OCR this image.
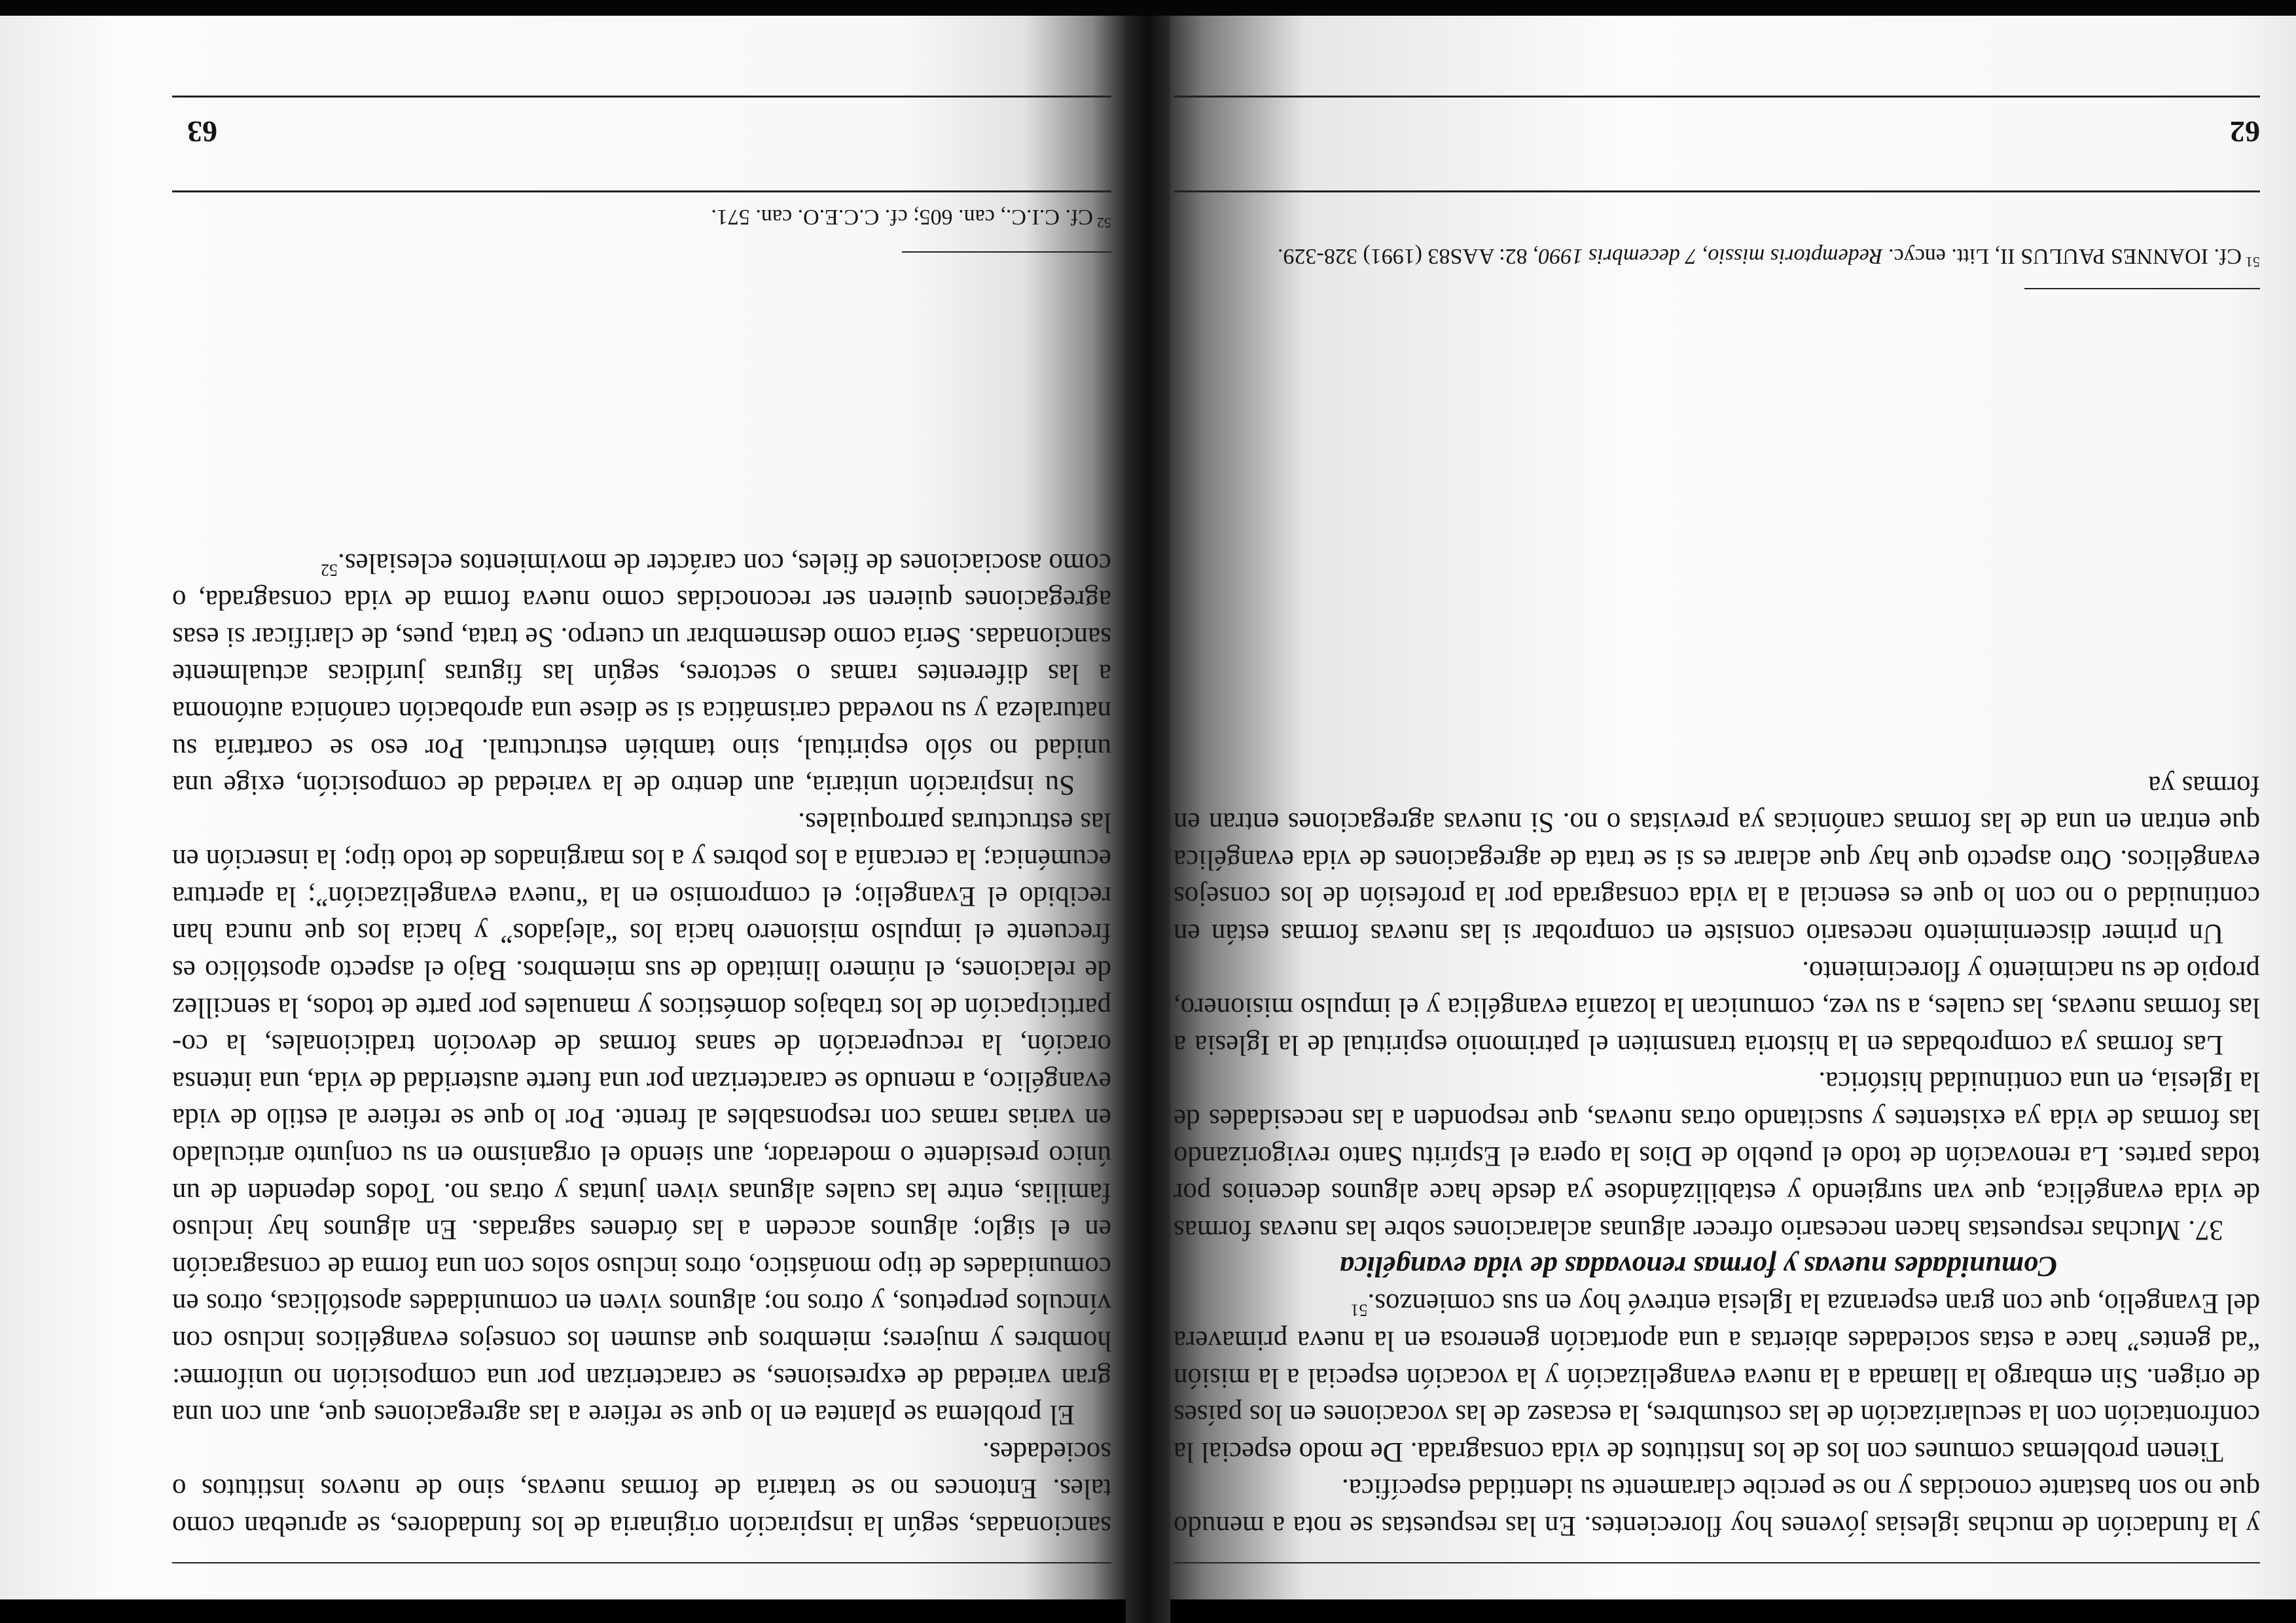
y la fundación de muchas iglesias jóvenes hoy florecientes. En las respuestas se nota a menudo que no son bastante conocidas y no se percibe claramente su identidad específica.

Tienen problemas comunes con los de los Institutos de vida consagrada. De modo especial la confrontación con la secularización de las costumbres, la escasez de las vocaciones en los países de origen. Sin embargo la llamada a la nueva evangelización y la vocación especial a la misión “ad gentes” hace a estas sociedades abiertas a una aportación generosa en la nueva primavera del Evangelio, que con gran esperanza la Iglesia entrevé hoy en sus comienzos.$^{51}$

Comunidades nuevas y formas renovadas de vida evangélica

37. Muchas respuestas hacen necesario ofrecer algunas aclaraciones sobre las nuevas formas de vida evangélica, que van surgiendo y estabilizándose ya desde hace algunos decenios por todas partes. La renovación de todo el pueblo de Dios la opera el Espíritu Santo revigorizando las formas de vida ya existentes y suscitando otras nuevas, que responden a las necesidades de la Iglesia, en una continuidad histórica.

Las formas ya comprobadas en la historia transmiten el patrimonio espiritual de la Iglesia a las formas nuevas, las cuales, a su vez, comunican la lozanía evangélica y el impulso misionero, propio de su nacimiento y florecimiento.

Un primer discernimiento necesario consiste en comprobar si las nuevas formas están en continuidad o no con lo que es esencial a la vida consagrada por la profesión de los consejos evangélicos. Otro aspecto que hay que aclarar es si se trata de agregaciones de vida evangélica que entran en una de las formas canónicas ya previstas o no. Si nuevas agregaciones entran en formas ya

$^{51}$Cf. IOANNES PAULUS II, Litt. encyc. Redemptoris missio, 7 decembris 1990, 82: AAS83 (1991) 328-329.
62

sancionadas, según la inspiración originaria de los fundadores, se aprueban como tales. Entonces no se trataría de formas nuevas, sino de nuevos institutos o sociedades.

El problema se plantea en lo que se refiere a las agregaciones que, aun con una gran variedad de expresiones, se caracterizan por una composición no uniforme: hombres y mujeres; miembros que asumen los consejos evangélicos incluso con vínculos perpetuos, y otros no; algunos viven en comunidades apostólicas, otros en comunidades de tipo monástico, otros incluso solos con una forma de consagración en el siglo; algunos acceden a las órdenes sagradas. En algunos hay incluso familias, entre las cuales algunas viven juntas y otras no. Todos dependen de un único presidente o moderador, aun siendo el organismo en su conjunto articulado en varias ramas con responsables al frente. Por lo que se refiere al estilo de vida evangélico, a menudo se caracterizan por una fuerte austeridad de vida, una intensa oración, la recuperación de sanas formas de devoción tradicionales, la co-participación de los trabajos domésticos y manuales por parte de todos, la sencillez de relaciones, el número limitado de sus miembros. Bajo el aspecto apostólico es frecuente el impulso misionero hacia los “alejados” y hacia los que nunca han recibido el Evangelio; el compromiso en la “nueva evangelización”; la apertura ecuménica; la cercanía a los pobres y a los marginados de todo tipo; la inserción en las estructuras parroquiales.

Su inspiración unitaria, aun dentro de la variedad de composición, exige una unidad no sólo espiritual, sino también estructural. Por eso se coartaría su naturaleza y su novedad carismática si se diese una aprobación canónica autónoma a las diferentes ramas o sectores, según las figuras jurídicas actualmente sancionadas. Sería como desmembrar un cuerpo. Se trata, pues, de clarificar si esas agregaciones quieren ser reconocidas como nueva forma de vida consagrada, o como asociaciones de fieles, con carácter de movimientos eclesiales.$^{52}$

$^{52}$Cf. C.I.C., can. 605; cf. C.C.E.O. can. 571.
63
